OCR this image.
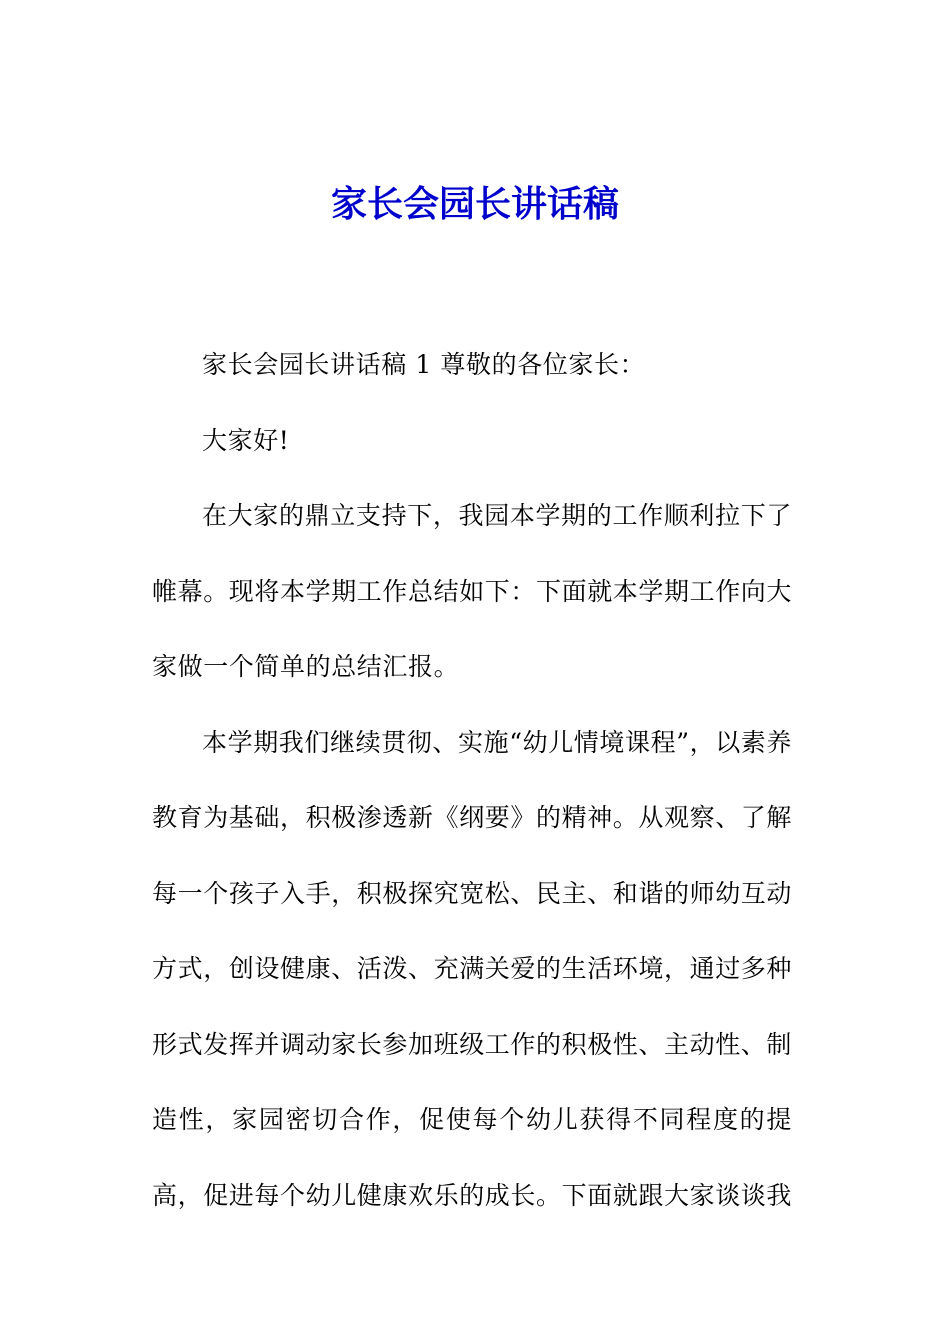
家长会园长讲话稿

家长会园长讲话稿 1 尊敬的各位家长：

大家好!

在大家的鼎立支持下，我园本学期的工作顺利拉下了帷幕。现将本学期工作总结如下：下面就本学期工作向大家做一个简单的总结汇报。

本学期我们继续贯彻、实施“幼儿情境课程”，以素养教育为基础，积极渗透新《纲要》的精神。从观察、了解每一个孩子入手，积极探究宽松、民主、和谐的师幼互动方式，创设健康、活泼、充满关爱的生活环境，通过多种形式发挥并调动家长参加班级工作的积极性、主动性、制造性，家园密切合作，促使每个幼儿获得不同程度的提高，促进每个幼儿健康欢乐的成长。下面就跟大家谈谈我
